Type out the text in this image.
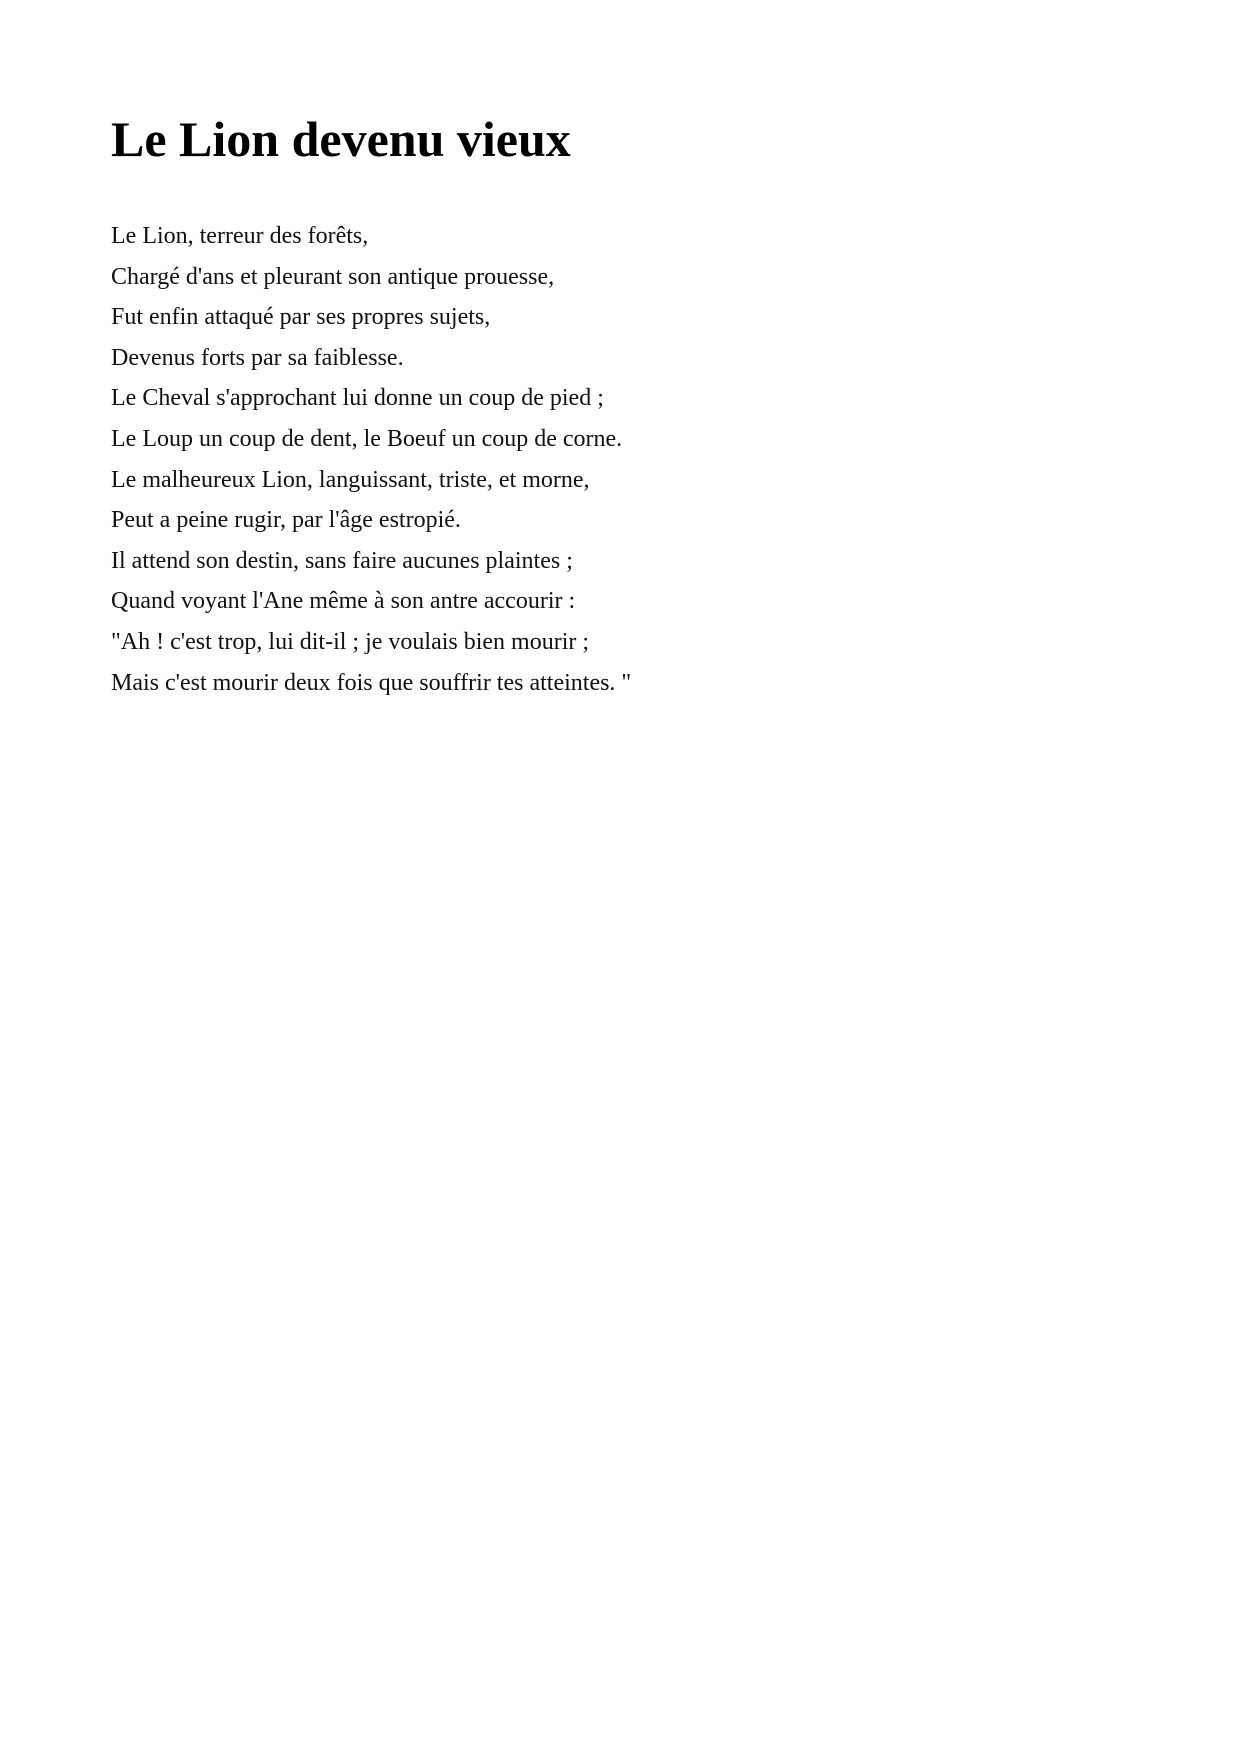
Le Lion devenu vieux
Le Lion, terreur des forêts,
Chargé d'ans et pleurant son antique prouesse,
Fut enfin attaqué par ses propres sujets,
Devenus forts par sa faiblesse.
Le Cheval s'approchant lui donne un coup de pied ;
Le Loup un coup de dent, le Boeuf un coup de corne.
Le malheureux Lion, languissant, triste, et morne,
Peut a peine rugir, par l'âge estropié.
Il attend son destin, sans faire aucunes plaintes ;
Quand voyant l'Ane même à son antre accourir :
"Ah ! c'est trop, lui dit-il ; je voulais bien mourir ;
Mais c'est mourir deux fois que souffrir tes atteintes. "
